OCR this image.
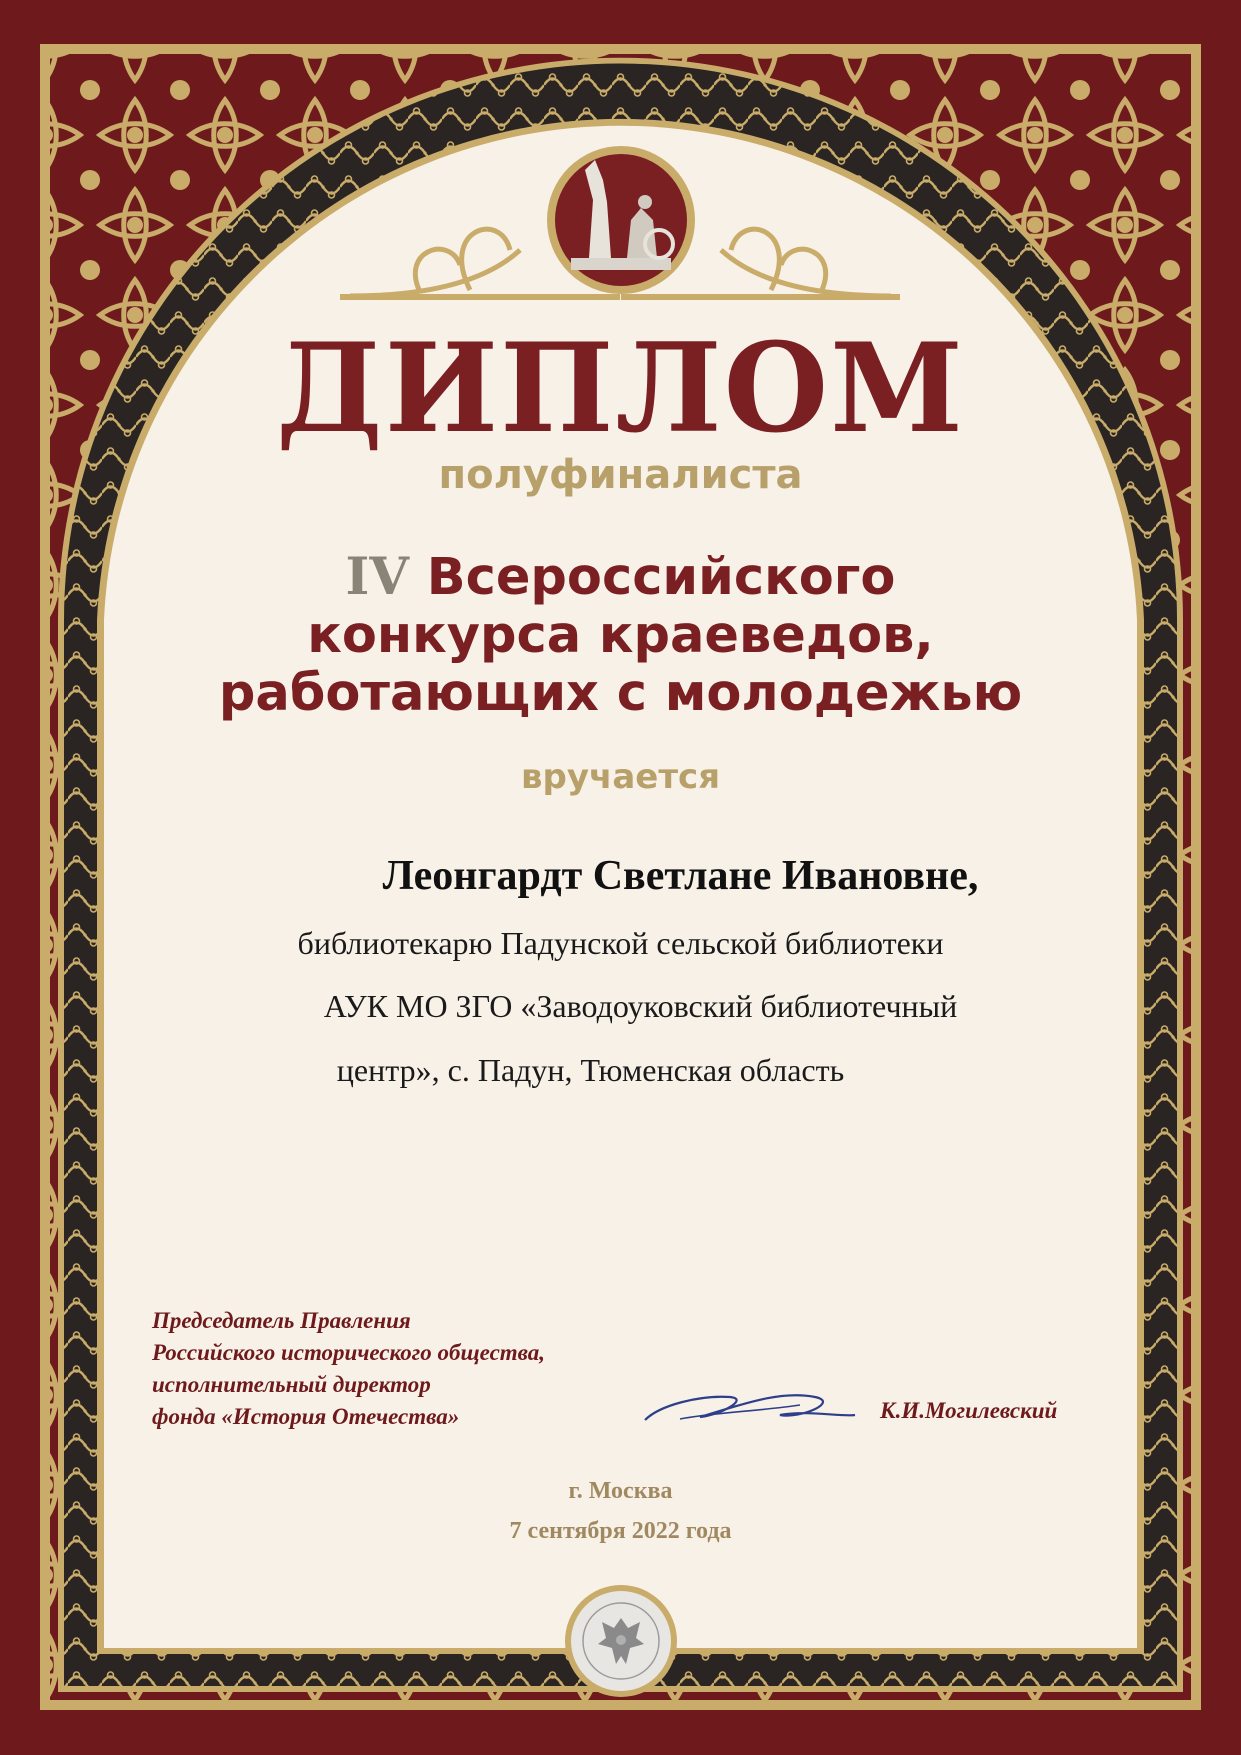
ДИПЛОМ

полуфиналиста

IV Всероссийского
конкурса краеведов,
работающих с молодежью

вручается

Леонгардт Светлане Ивановне,

библиотекарю Падунской сельской библиотеки

АУК МО ЗГО «Заводоуковский библиотечный

центр», с. Падун, Тюменская область

Председатель Правления
Российского исторического общества,
исполнительный директор
фонда «История Отечества»	К.И.Могилевский

г. Москва

7 сентября 2022 года
